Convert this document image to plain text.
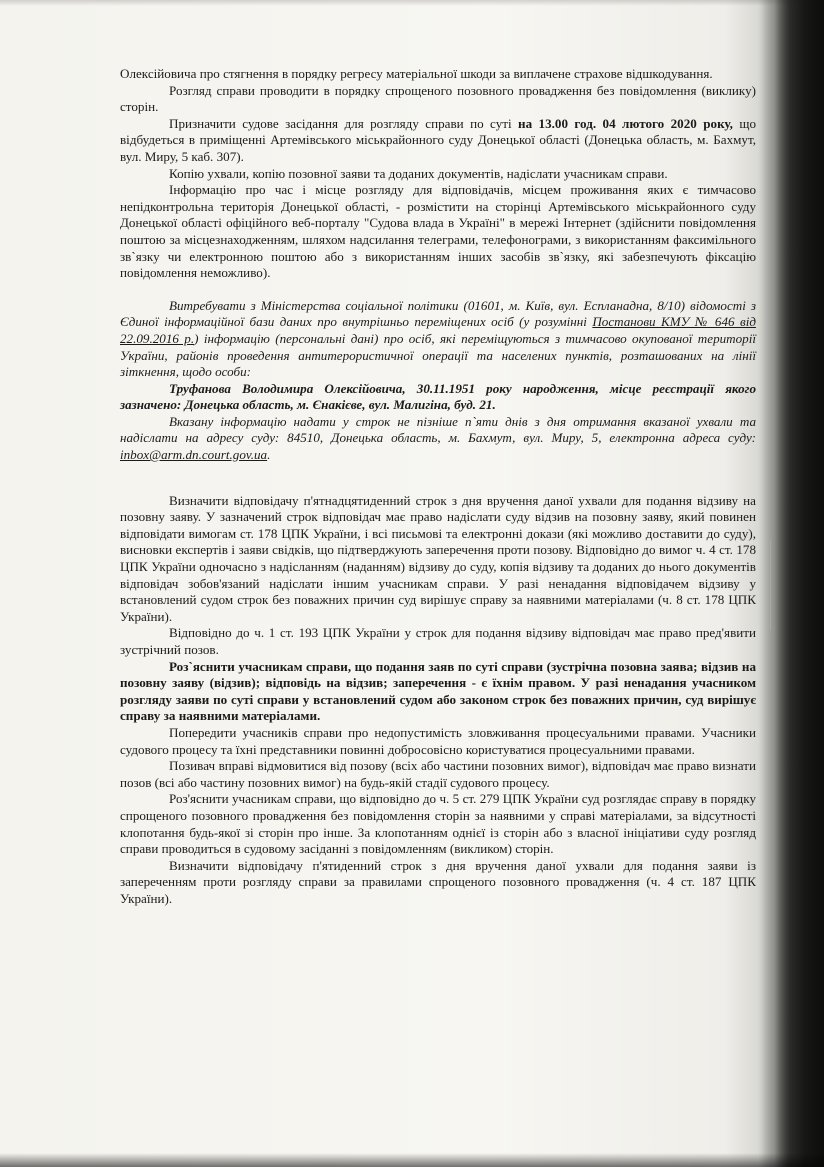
Олексійовича про стягнення в порядку регресу матеріальної шкоди за виплачене страхове відшкодування.

Розгляд справи проводити в порядку спрощеного позовного провадження без повідомлення (виклику) сторін.

Призначити судове засідання для розгляду справи по суті на 13.00 год. 04 лютого 2020 року, що відбудеться в приміщенні Артемівського міськрайонного суду Донецької області (Донецька область, м. Бахмут, вул. Миру, 5 каб. 307).

Копію ухвали, копію позовної заяви та доданих документів, надіслати учасникам справи.

Інформацію про час і місце розгляду для відповідачів, місцем проживання яких є тимчасово непідконтрольна територія Донецької області, - розмістити на сторінці Артемівського міськрайонного суду Донецької області офіційного веб-порталу "Судова влада в Україні" в мережі Інтернет (здійснити повідомлення поштою за місцезнаходженням, шляхом надсилання телеграми, телефонограми, з використанням факсимільного зв`язку чи електронною поштою або з використанням інших засобів зв`язку, які забезпечують фіксацію повідомлення неможливо).

Витребувати з Міністерства соціальної політики (01601, м. Київ, вул. Еспланадна, 8/10) відомості з Єдиної інформаційної бази даних про внутрішньо переміщених осіб (у розумінні Постанови КМУ № 646 від 22.09.2016 р.) інформацію (персональні дані) про осіб, які переміщуються з тимчасово окупованої території України, районів проведення антитерористичної операції та населених пунктів, розташованих на лінії зіткнення, щодо особи:

Труфанова Володимира Олексійовича, 30.11.1951 року народження, місце реєстрації якого зазначено: Донецька область, м. Єнакієве, вул. Малигіна, буд. 21.

Вказану інформацію надати у строк не пізніше п`яти днів з дня отримання вказаної ухвали та надіслати на адресу суду: 84510, Донецька область, м. Бахмут, вул. Миру, 5, електронна адреса суду: inbox@arm.dn.court.gov.ua.

Визначити відповідачу п'ятнадцятиденний строк з дня вручення даної ухвали для подання відзиву на позовну заяву. У зазначений строк відповідач має право надіслати суду відзив на позовну заяву, який повинен відповідати вимогам ст. 178 ЦПК України, і всі письмові та електронні докази (які можливо доставити до суду), висновки експертів і заяви свідків, що підтверджують заперечення проти позову. Відповідно до вимог ч. 4 ст. 178 ЦПК України одночасно з надісланням (наданням) відзиву до суду, копія відзиву та доданих до нього документів відповідач зобов'язаний надіслати іншим учасникам справи. У разі ненадання відповідачем відзиву у встановлений судом строк без поважних причин суд вирішує справу за наявними матеріалами (ч. 8 ст. 178 ЦПК України).

Відповідно до ч. 1 ст. 193 ЦПК України у строк для подання відзиву відповідач має право пред'явити зустрічний позов.

Роз`яснити учасникам справи, що подання заяв по суті справи (зустрічна позовна заява; відзив на позовну заяву (відзив); відповідь на відзив; заперечення - є їхнім правом. У разі ненадання учасником розгляду заяви по суті справи у встановлений судом або законом строк без поважних причин, суд вирішує справу за наявними матеріалами.

Попередити учасників справи про недопустимість зловживання процесуальними правами. Учасники судового процесу та їхні представники повинні добросовісно користуватися процесуальними правами.

Позивач вправі відмовитися від позову (всіх або частини позовних вимог), відповідач має право визнати позов (всі або частину позовних вимог) на будь-якій стадії судового процесу.

Роз'яснити учасникам справи, що відповідно до ч. 5 ст. 279 ЦПК України суд розглядає справу в порядку спрощеного позовного провадження без повідомлення сторін за наявними у справі матеріалами, за відсутності клопотання будь-якої зі сторін про інше. За клопотанням однієї із сторін або з власної ініціативи суду розгляд справи проводиться в судовому засіданні з повідомленням (викликом) сторін.

Визначити відповідачу п'ятиденний строк з дня вручення даної ухвали для подання заяви із запереченням проти розгляду справи за правилами спрощеного позовного провадження (ч. 4 ст. 187 ЦПК України).
